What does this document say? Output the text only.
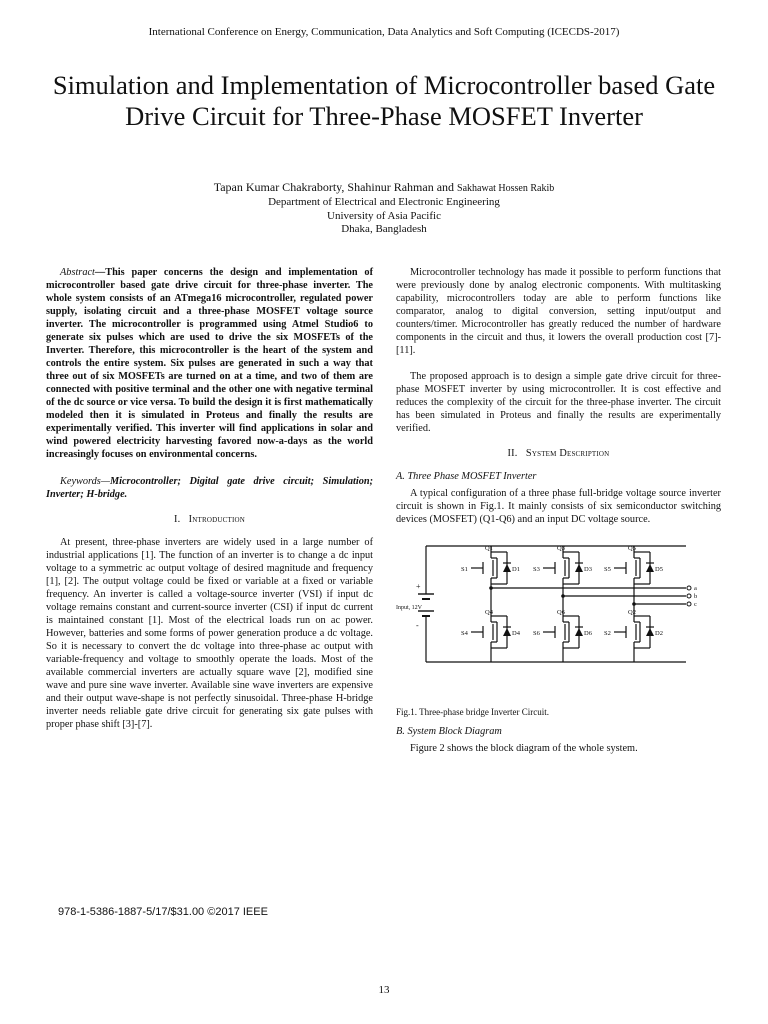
International Conference on Energy, Communication, Data Analytics and Soft Computing (ICECDS-2017)
Simulation and Implementation of Microcontroller based Gate Drive Circuit for Three-Phase MOSFET Inverter
Tapan Kumar Chakraborty, Shahinur Rahman and Sakhawat Hossen Rakib
Department of Electrical and Electronic Engineering
University of Asia Pacific
Dhaka, Bangladesh

Abstract—This paper concerns the design and implementation of microcontroller based gate drive circuit for three-phase inverter. The whole system consists of an ATmega16 microcontroller, regulated power supply, isolating circuit and a three-phase MOSFET voltage source inverter. The microcontroller is programmed using Atmel Studio6 to generate six pulses which are used to drive the six MOSFETs of the Inverter. Therefore, this microcontroller is the heart of the system and controls the entire system. Six pulses are generated in such a way that three out of six MOSFETs are turned on at a time, and two of them are connected with positive terminal and the other one with negative terminal of the dc source or vice versa. To build the design it is first mathematically modeled then it is simulated in Proteus and finally the results are experimentally verified. This inverter will find applications in solar and wind powered electricity harvesting favored now-a-days as the world increasingly focuses on environmental concerns.

Keywords—Microcontroller; Digital gate drive circuit; Simulation; Inverter; H-bridge.

I. Introduction

At present, three-phase inverters are widely used in a large number of industrial applications [1]. The function of an inverter is to change a dc input voltage to a symmetric ac output voltage of desired magnitude and frequency [1], [2]. The output voltage could be fixed or variable at a fixed or variable frequency. An inverter is called a voltage-source inverter (VSI) if input dc voltage remains constant and current-source inverter (CSI) if input dc current is maintained constant [1]. Most of the electrical loads run on ac power. However, batteries and some forms of power generation produce a dc voltage. So it is necessary to convert the dc voltage into three-phase ac output with variable-frequency and voltage to smoothly operate the loads. Most of the available commercial inverters are actually square wave [2], modified sine wave and pure sine wave inverter. Available sine wave inverters are expensive and their output wave-shape is not perfectly sinusoidal. Three-phase H-bridge inverter needs reliable gate drive circuit for generating six gate pulses with proper phase shift [3]-[7].

Microcontroller technology has made it possible to perform functions that were previously done by analog electronic components. With multitasking capability, microcontrollers today are able to perform functions like comparator, analog to digital conversion, setting input/output and counters/timer. Microcontroller has greatly reduced the number of hardware components in the circuit and thus, it lowers the overall production cost [7]-[11].

The proposed approach is to design a simple gate drive circuit for three-phase MOSFET inverter by using microcontroller. It is cost effective and reduces the complexity of the circuit for the three-phase inverter. The circuit has been simulated in Proteus and finally the results are experimentally verified.

II. System Description

A. Three Phase MOSFET Inverter

A typical configuration of a three phase full-bridge voltage source inverter circuit is shown in Fig.1. It mainly consists of six semiconductor switching devices (MOSFET) (Q1-Q6) and an input DC voltage source.

+
-
Input, 12V
Q1
S1	D1
a
Q4
S4	D4
Q3
S3	D3
b
Q6
S6	D6
Q5
S5	D5
c
Q2
S2	D2

Fig.1. Three-phase bridge Inverter Circuit.

B. System Block Diagram

Figure 2 shows the block diagram of the whole system.

978-1-5386-1887-5/17/$31.00 ©2017 IEEE
13
